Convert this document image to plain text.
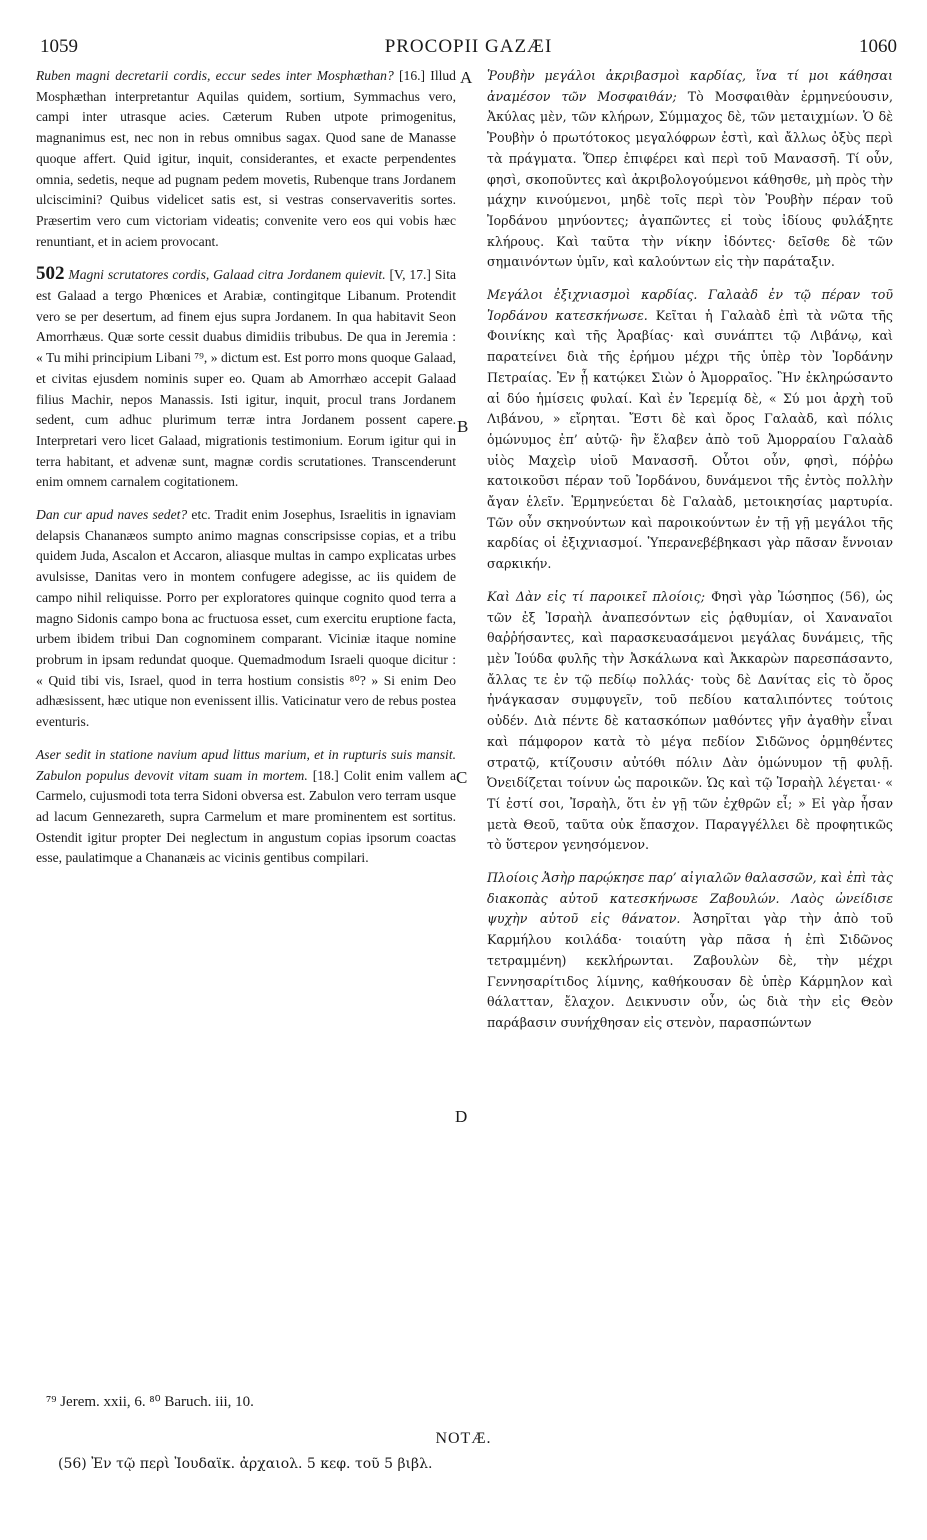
1059	PROCOPII GAZÆI	1060
A
B
C
D

Ruben magni decretarii cordis, eccur sedes inter Mosphæthan? [16.] Illud Mosphæthan interpretantur Aquilas quidem, sortium, Symmachus vero, campi inter utrasque acies. Cæterum Ruben utpote primogenitus, magnanimus est, nec non in rebus omnibus sagax. Quod sane de Manasse quoque affert. Quid igitur, inquit, considerantes, et exacte perpendentes omnia, sedetis, neque ad pugnam pedem movetis, Rubenque trans Jordanem ulciscimini? Quibus videlicet satis est, si vestras conservaveritis sortes. Præsertim vero cum victoriam videatis; convenite vero eos qui vobis hæc renuntiant, et in aciem provocant.

502 Magni scrutatores cordis, Galaad citra Jordanem quievit. [V, 17.] Sita est Galaad a tergo Phœnices et Arabiæ, contingitque Libanum. Protendit vero se per desertum, ad finem ejus supra Jordanem. In qua habitavit Seon Amorrhæus. Quæ sorte cessit duabus dimidiis tribubus. De qua in Jeremia : « Tu mihi principium Libani ⁷⁹, » dictum est. Est porro mons quoque Galaad, et civitas ejusdem nominis super eo. Quam ab Amorrhæo accepit Galaad filius Machir, nepos Manassis. Isti igitur, inquit, procul trans Jordanem sedent, cum adhuc plurimum terræ intra Jordanem possent capere. Interpretari vero licet Galaad, migrationis testimonium. Eorum igitur qui in terra habitant, et advenæ sunt, magnæ cordis scrutationes. Transcenderunt enim omnem carnalem cogitationem.

Dan cur apud naves sedet? etc. Tradit enim Josephus, Israelitis in ignaviam delapsis Chananæos sumpto animo magnas conscripsisse copias, et a tribu quidem Juda, Ascalon et Accaron, aliasque multas in campo explicatas urbes avulsisse, Danitas vero in montem confugere adegisse, ac iis quidem de campo nihil reliquisse. Porro per exploratores quinque cognito quod terra a magno Sidonis campo bona ac fructuosa esset, cum exercitu eruptione facta, urbem ibidem tribui Dan cognominem comparant. Viciniæ itaque nomine probrum in ipsam redundat quoque. Quemadmodum Israeli quoque dicitur : « Quid tibi vis, Israel, quod in terra hostium consistis ⁸⁰? » Si enim Deo adhæsissent, hæc utique non evenissent illis. Vaticinatur vero de rebus postea eventuris.

Aser sedit in statione navium apud littus marium, et in rupturis suis mansit. Zabulon populus devovit vitam suam in mortem. [18.] Colit enim vallem a Carmelo, cujusmodi tota terra Sidoni obversa est. Zabulon vero terram usque ad lacum Gennezareth, supra Carmelum et mare prominentem est sortitus. Ostendit igitur propter Dei neglectum in angustum copias ipsorum coactas esse, paulatimque a Chananæis ac vicinis gentibus compilari.

Ῥουβὴν μεγάλοι ἀκριβασμοὶ καρδίας, ἵνα τί μοι κάθησαι ἀναμέσον τῶν Μοσφαιθάν; Τὸ Μοσφαιθὰν ἑρμηνεύουσιν, Ἀκύλας μὲν, τῶν κλήρων, Σύμμαχος δὲ, τῶν μεταιχμίων. Ὁ δὲ Ῥουβὴν ὁ πρωτότοκος μεγαλόφρων ἐστὶ, καὶ ἄλλως ὀξὺς περὶ τὰ πράγματα. Ὅπερ ἐπιφέρει καὶ περὶ τοῦ Μανασσῆ. Τί οὖν, φησὶ, σκοποῦντες καὶ ἀκριβολογούμενοι κάθησθε, μὴ πρὸς τὴν μάχην κινούμενοι, μηδὲ τοῖς περὶ τὸν Ῥουβὴν πέραν τοῦ Ἰορδάνου μηνύοντες; ἀγαπῶντες εἰ τοὺς ἰδίους φυλάξητε κλήρους. Καὶ ταῦτα τὴν νίκην ἰδόντες· δεῖσθε δὲ τῶν σημαινόντων ὑμῖν, καὶ καλούντων εἰς τὴν παράταξιν.

Μεγάλοι ἐξιχνιασμοὶ καρδίας. Γαλαὰδ ἐν τῷ πέραν τοῦ Ἰορδάνου κατεσκήνωσε. Κεῖται ἡ Γαλαὰδ ἐπὶ τὰ νῶτα τῆς Φοινίκης καὶ τῆς Ἀραβίας· καὶ συνάπτει τῷ Λιβάνῳ, καὶ παρατείνει διὰ τῆς ἐρήμου μέχρι τῆς ὑπὲρ τὸν Ἰορδάνην Πετραίας. Ἐν ᾗ κατῴκει Σιὼν ὁ Ἀμορραῖος. Ἣν ἐκληρώσαντο αἱ δύο ἡμίσεις φυλαί. Καὶ ἐν Ἱερεμίᾳ δὲ, « Σύ μοι ἀρχὴ τοῦ Λιβάνου, » εἴρηται. Ἔστι δὲ καὶ ὄρος Γαλαὰδ, καὶ πόλις ὁμώνυμος ἐπ’ αὐτῷ· ἣν ἔλαβεν ἀπὸ τοῦ Ἀμορραίου Γαλαὰδ υἱὸς Μαχεὶρ υἱοῦ Μανασσῆ. Οὗτοι οὖν, φησὶ, πόῤῥω κατοικοῦσι πέραν τοῦ Ἰορδάνου, δυνάμενοι τῆς ἐντὸς πολλὴν ἄγαν ἑλεῖν. Ἑρμηνεύεται δὲ Γαλαὰδ, μετοικησίας μαρτυρία. Τῶν οὖν σκηνούντων καὶ παροικούντων ἐν τῇ γῇ μεγάλοι τῆς καρδίας οἱ ἐξιχνιασμοί. Ὑπερανεβέβηκασι γὰρ πᾶσαν ἔννοιαν σαρκικήν.

Καὶ Δὰν εἰς τί παροικεῖ πλοίοις; Φησὶ γὰρ Ἰώσηπος (56), ὡς τῶν ἐξ Ἰσραὴλ ἀναπεσόντων εἰς ῥᾳθυμίαν, οἱ Χαναναῖοι θαῤῥήσαντες, καὶ παρασκευασάμενοι μεγάλας δυνάμεις, τῆς μὲν Ἰούδα φυλῆς τὴν Ἀσκάλωνα καὶ Ἀκκαρὼν παρεσπάσαντο, ἄλλας τε ἐν τῷ πεδίῳ πολλάς· τοὺς δὲ Δανίτας εἰς τὸ ὄρος ἠνάγκασαν συμφυγεῖν, τοῦ πεδίου καταλιπόντες τούτοις οὐδέν. Διὰ πέντε δὲ κατασκόπων μαθόντες γῆν ἀγαθὴν εἶναι καὶ πάμφορον κατὰ τὸ μέγα πεδίον Σιδῶνος ὁρμηθέντες στρατῷ, κτίζουσιν αὐτόθι πόλιν Δὰν ὁμώνυμον τῇ φυλῇ. Ὀνειδίζεται τοίνυν ὡς παροικῶν. Ὡς καὶ τῷ Ἰσραὴλ λέγεται· « Τί ἐστί σοι, Ἰσραὴλ, ὅτι ἐν γῇ τῶν ἐχθρῶν εἶ; » Εἰ γὰρ ἦσαν μετὰ Θεοῦ, ταῦτα οὐκ ἔπασχον. Παραγγέλλει δὲ προφητικῶς τὸ ὕστερον γενησόμενον.

Πλοίοις Ἀσὴρ παρῴκησε παρ’ αἰγιαλῶν θαλασσῶν, καὶ ἐπὶ τὰς διακοπὰς αὐτοῦ κατεσκήνωσε Ζαβουλών. Λαὸς ὠνείδισε ψυχὴν αὐτοῦ εἰς θάνατον. Ἀσηρῖται γὰρ τὴν ἀπὸ τοῦ Καρμήλου κοιλάδα· τοιαύτη γὰρ πᾶσα ἡ ἐπὶ Σιδῶνος τετραμμένη) κεκλήρωνται. Ζαβουλὼν δὲ, τὴν μέχρι Γεννησαρίτιδος λίμνης, καθήκουσαν δὲ ὑπὲρ Κάρμηλον καὶ θάλατταν, ἔλαχον. Δεικνυσιν οὖν, ὡς διὰ τὴν εἰς Θεὸν παράβασιν συνήχθησαν εἰς στενὸν, παρασπώντων

⁷⁹ Jerem. xxii, 6. ⁸⁰ Baruch. iii, 10.
NOTÆ.
(56) Ἐν τῷ περὶ Ἰουδαϊκ. ἀρχαιολ. 5 κεφ. τοῦ 5 βιβλ.
